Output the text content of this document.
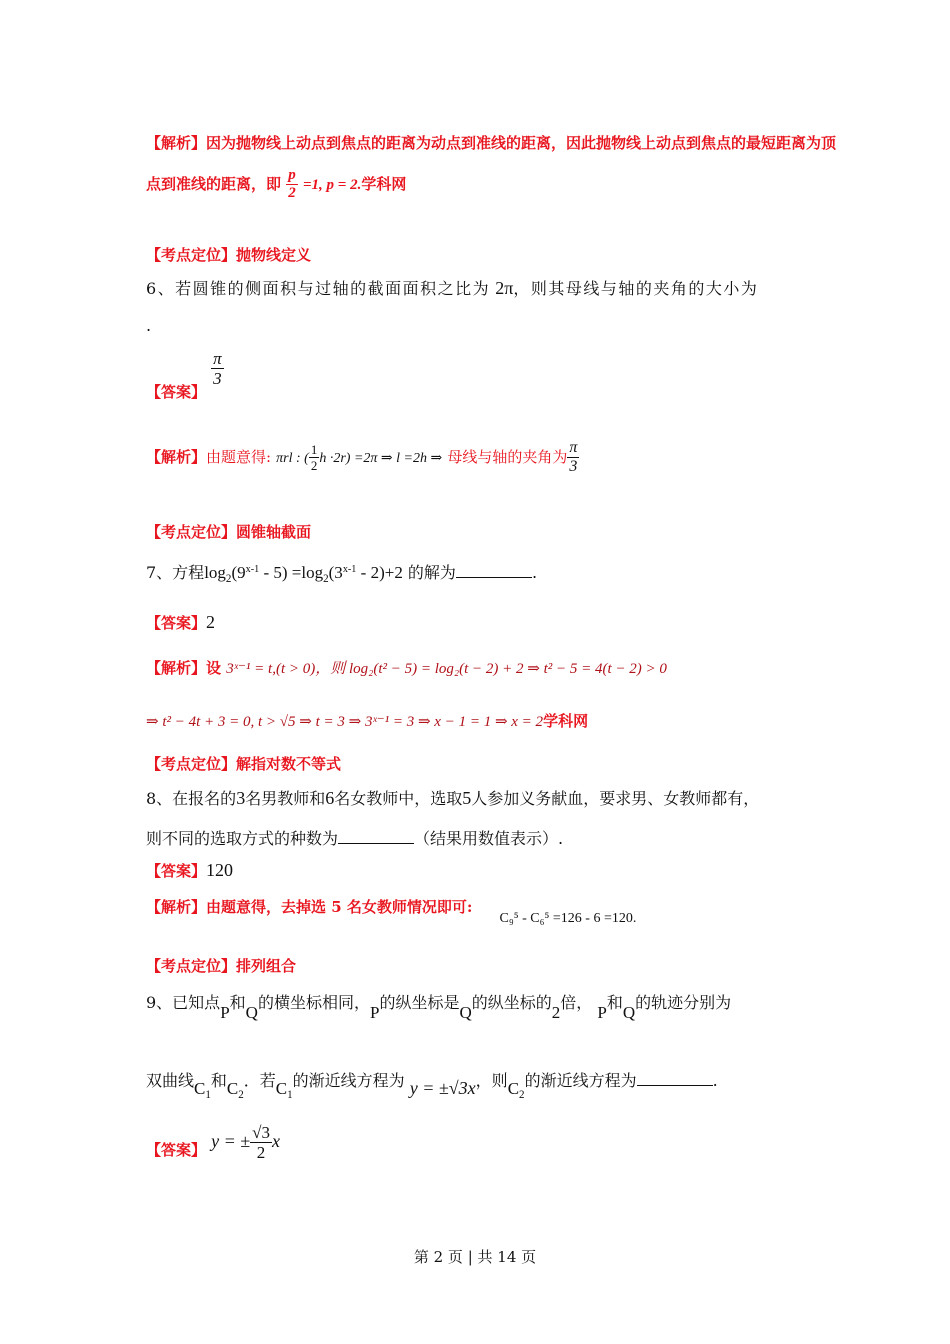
【解析】因为抛物线上动点到焦点的距离为动点到准线的距离，因此抛物线上动点到焦点的最短距离为顶
点到准线的距离，即 $\frac{p}{2} =1$, p = 2.学科网
【考点定位】抛物线定义
6、若圆锥的侧面积与过轴的截面面积之比为 2π，则其母线与轴的夹角的大小为
.
【答案】
$\frac{\pi}{3}$
【解析】由题意得: πrl : ( $\frac{1}{2}$ h ·2r) =2π ⇒ l =2h ⇒ 母线与轴的夹角为 $\frac{\pi}{3}$
【考点定位】圆锥轴截面
7、方程$\log_2(9^{x-1} - 5) =\log_2(3^{x-1} - 2)+2$ 的解为	.
【答案】2
【解析】设 3ˣ⁻¹ = t,(t > 0)，则 log₂(t² − 5) = log₂(t − 2) + 2 ⇒ t² − 5 = 4(t − 2) > 0
⇒ t² − 4t + 3 = 0, t > √5 ⇒ t = 3 ⇒ 3ˣ⁻¹ = 3 ⇒ x − 1 = 1 ⇒ x = 2学科网
【考点定位】解指对数不等式
8、在报名的3名男教师和6名女教师中，选取5人参加义务献血，要求男、女教师都有，
则不同的选取方式的种数为	（结果用数值表示）.
【答案】120
【解析】由题意得，去掉选 5 名女教师情况即可: C₉⁵ - C₆⁵ =126 - 6 =120.
【考点定位】排列组合
9、已知点P和Q的横坐标相同，P的纵坐标是Q的纵坐标的2倍， P和Q的轨迹分别为
双曲线$C_1$和$C_2$．若$C_1$的渐近线方程为 y = ±√3x，则$C_2$的渐近线方程为	.
【答案】 y = ± $\frac{√3}{2}$ x
第 2 页 | 共 14 页
